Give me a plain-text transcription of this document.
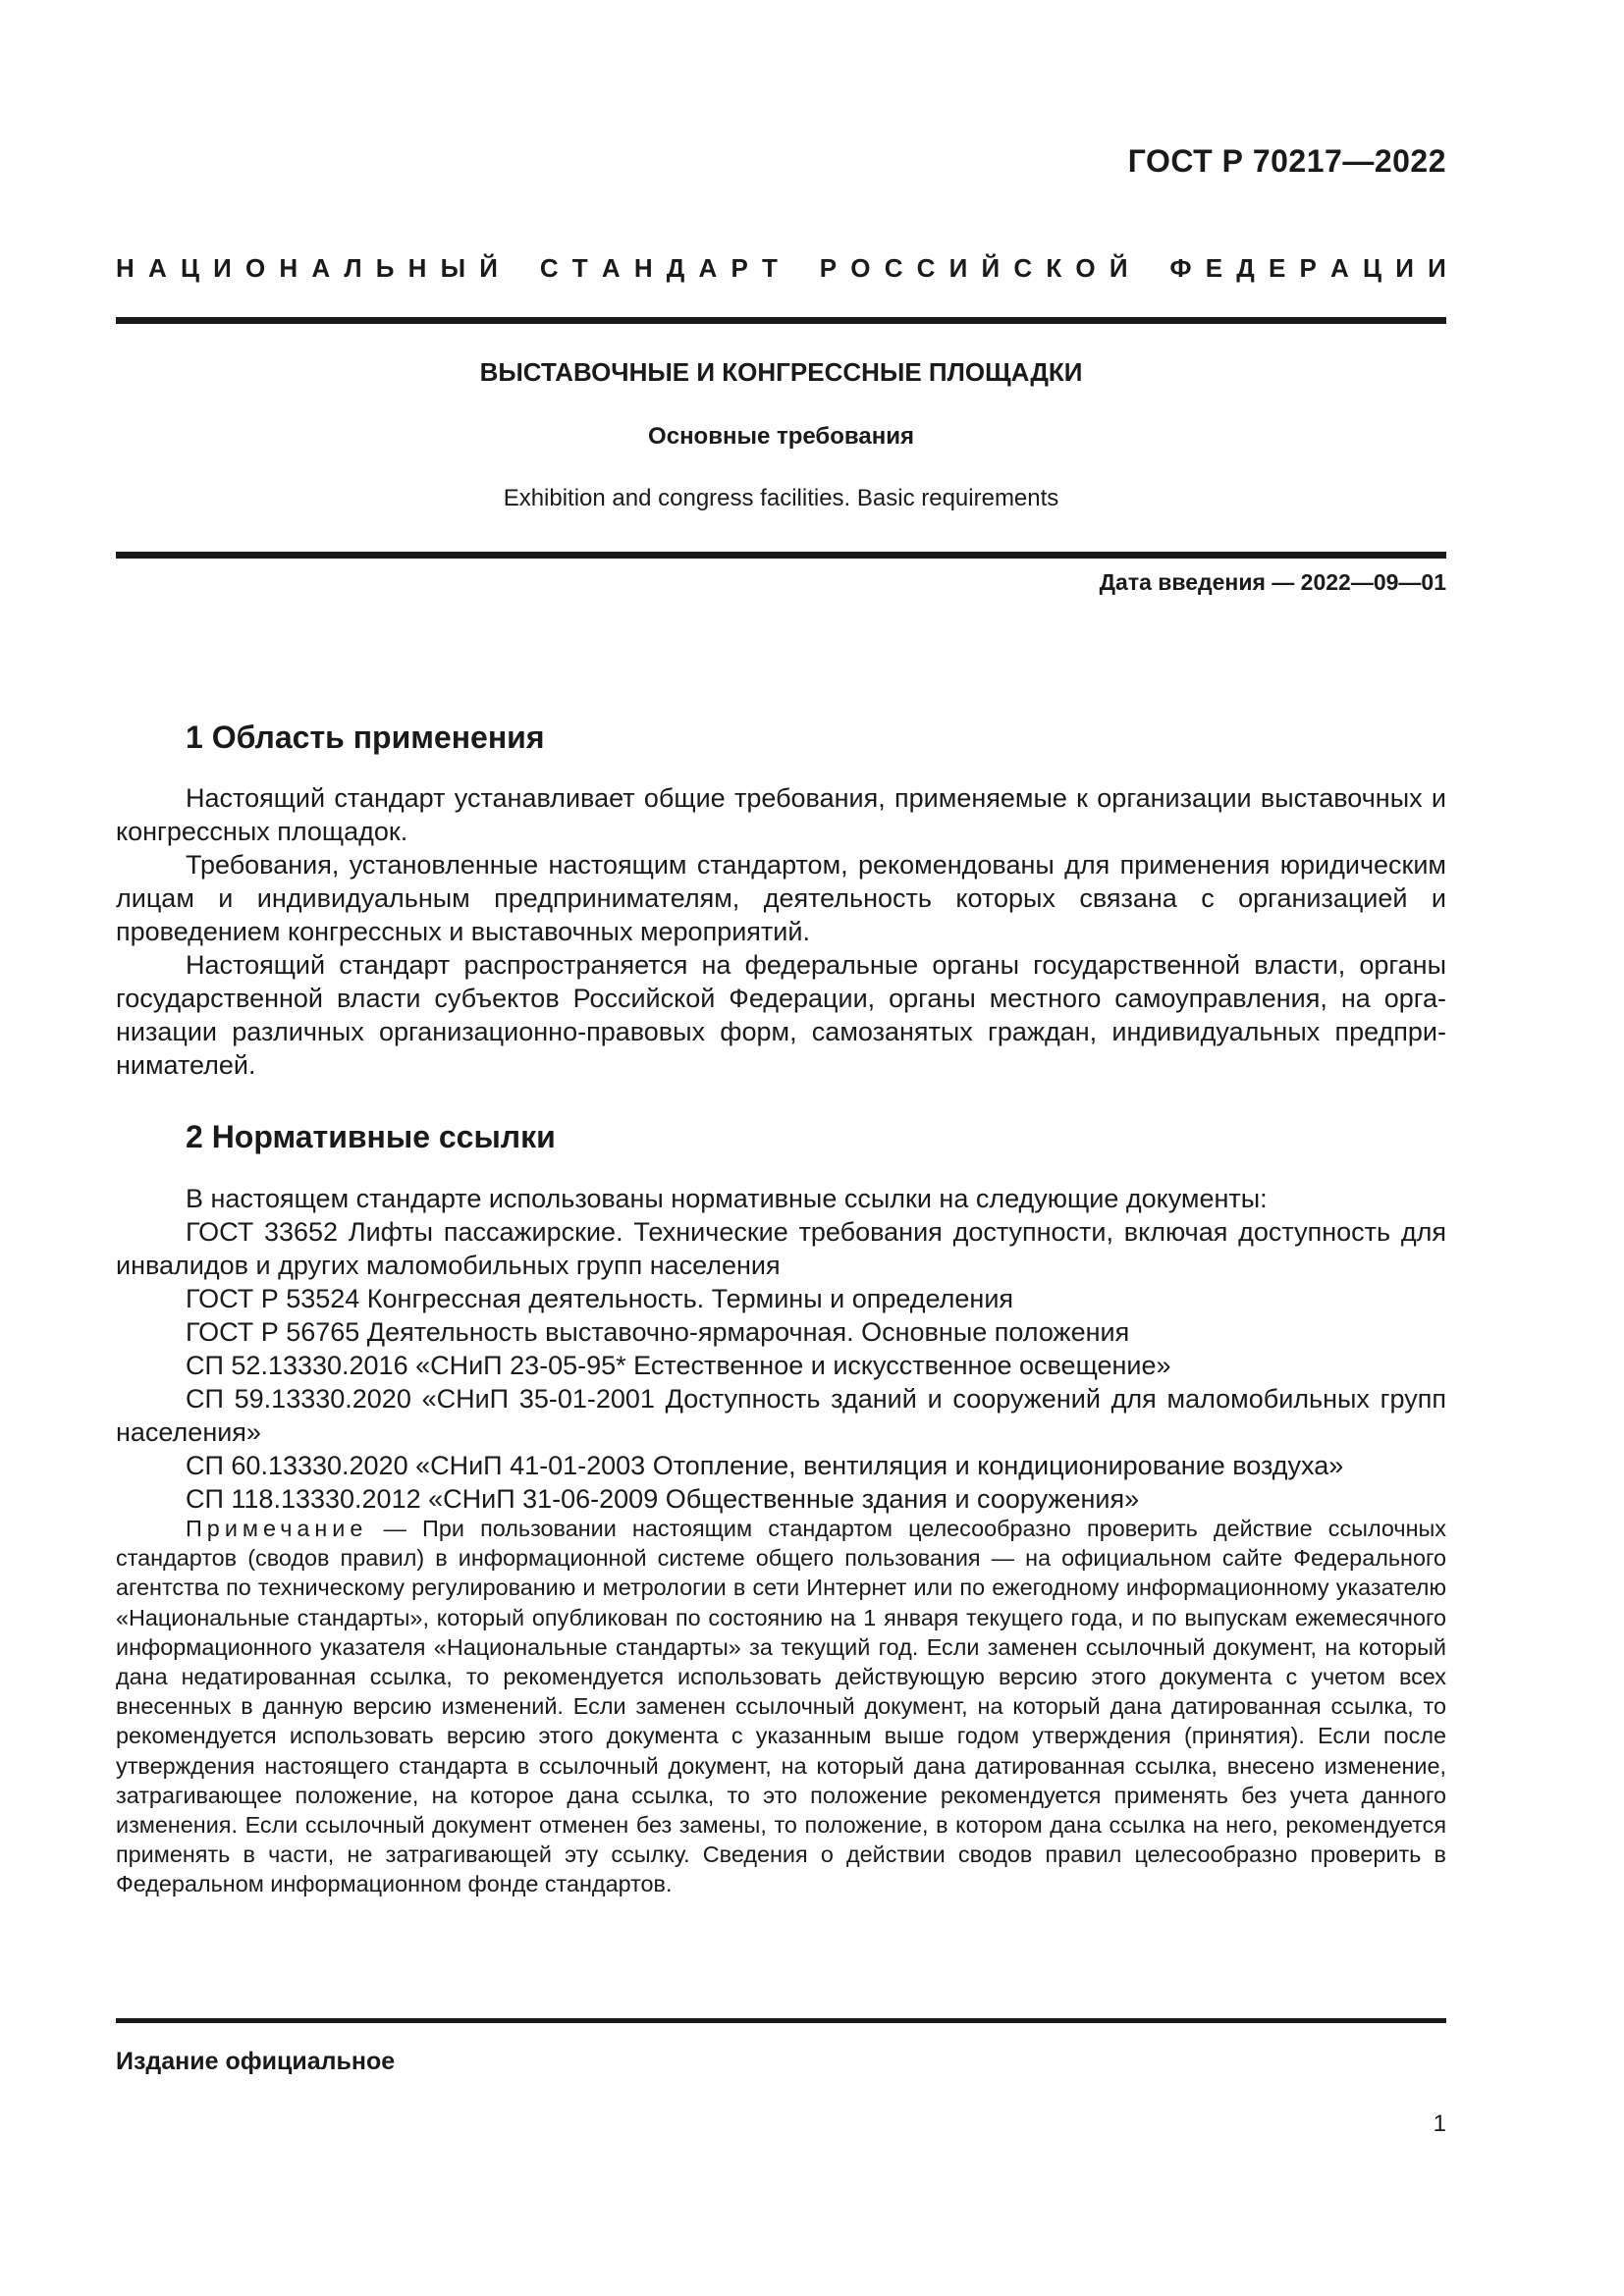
ГОСТ Р 70217—2022
Н А Ц И О Н А Л Ь Н Ы Й
С Т А Н Д А Р Т
Р О С С И Й С К О Й
Ф Е Д Е Р А Ц И И
ВЫСТАВОЧНЫЕ И КОНГРЕССНЫЕ ПЛОЩАДКИ
Основные требования
Exhibition and congress facilities. Basic requirements
Дата введения — 2022—09—01
1 Область применения

Настоящий стандарт устанавливает общие требования, применяемые к организации выставочных и конгрессных площадок.

Требования, установленные настоящим стандартом, рекомендованы для применения юридическим лицам и индивидуальным предпринимателям, деятельность которых связана с организацией и проведением конгрессных и выставочных мероприятий.

Настоящий стандарт распространяется на федеральные органы государственной власти, органы государственной власти субъектов Российской Федерации, органы местного самоуправления, на организации различных организационно-правовых форм, самозанятых граждан, индивидуальных предпринимателей.

2 Нормативные ссылки

В настоящем стандарте использованы нормативные ссылки на следующие документы:

ГОСТ 33652 Лифты пассажирские. Технические требования доступности, включая доступность для инвалидов и других маломобильных групп населения

ГОСТ Р 53524 Конгрессная деятельность. Термины и определения

ГОСТ Р 56765 Деятельность выставочно-ярмарочная. Основные положения

СП 52.13330.2016 «СНиП 23-05-95* Естественное и искусственное освещение»

СП 59.13330.2020 «СНиП 35-01-2001 Доступность зданий и сооружений для маломобильных групп населения»

СП 60.13330.2020 «СНиП 41-01-2003 Отопление, вентиляция и кондиционирование воздуха»

СП 118.13330.2012 «СНиП 31-06-2009 Общественные здания и сооружения»

Примечание — При пользовании настоящим стандартом целесообразно проверить действие ссылочных стандартов (сводов правил) в информационной системе общего пользования — на официальном сайте Федерального агентства по техническому регулированию и метрологии в сети Интернет или по ежегодному информационному указателю «Национальные стандарты», который опубликован по состоянию на 1 января текущего года, и по выпускам ежемесячного информационного указателя «Национальные стандарты» за текущий год. Если заменен ссылочный документ, на который дана недатированная ссылка, то рекомендуется использовать действующую версию этого документа с учетом всех внесенных в данную версию изменений. Если заменен ссылочный документ, на который дана датированная ссылка, то рекомендуется использовать версию этого документа с указанным выше годом утверждения (принятия). Если после утверждения настоящего стандарта в ссылочный документ, на который дана датированная ссылка, внесено изменение, затрагивающее положение, на которое дана ссылка, то это положение рекомендуется применять без учета данного изменения. Если ссылочный документ отменен без замены, то положение, в котором дана ссылка на него, рекомендуется применять в части, не затрагивающей эту ссылку. Сведения о действии сводов правил целесообразно проверить в Федеральном информационном фонде стандартов.

Издание официальное
1
